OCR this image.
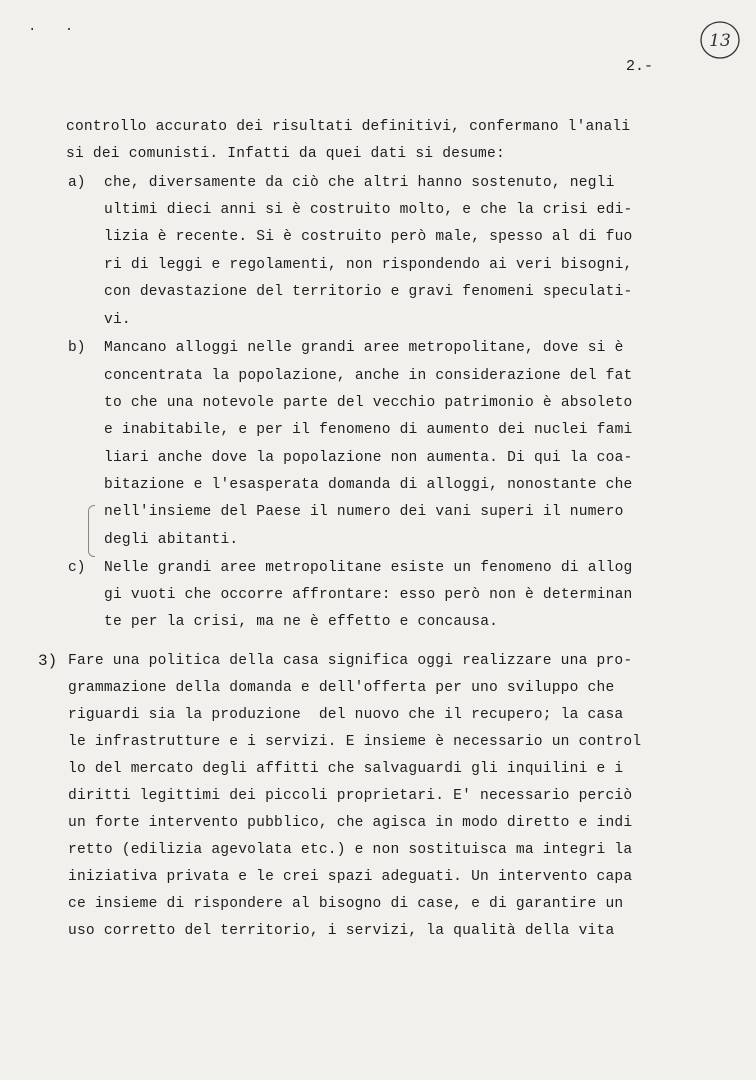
· ·
13
2.-
controllo accurato dei risultati definitivi, confermano l'anali
si dei comunisti. Infatti da quei dati si desume:
a) che, diversamente da ciò che altri hanno sostenuto, negli
ultimi dieci anni si è costruito molto, e che la crisi edi-
lizia è recente. Si è costruito però male, spesso al di fuo
ri di leggi e regolamenti, non rispondendo ai veri bisogni,
con devastazione del territorio e gravi fenomeni speculati-
vi.
b) Mancano alloggi nelle grandi aree metropolitane, dove si è
concentrata la popolazione, anche in considerazione del fat
to che una notevole parte del vecchio patrimonio è absoleto
e inabitabile, e per il fenomeno di aumento dei nuclei fami
liari anche dove la popolazione non aumenta. Di qui la coa-
bitazione e l'esasperata domanda di alloggi, nonostante che
nell'insieme del Paese il numero dei vani superi il numero
degli abitanti.
c) Nelle grandi aree metropolitane esiste un fenomeno di allog
gi vuoti che occorre affrontare: esso però non è determinan
te per la crisi, ma ne è effetto e concausa.
3) Fare una politica della casa significa oggi realizzare una pro-
grammazione della domanda e dell'offerta per uno sviluppo che
riguardi sia la produzione  del nuovo che il recupero; la casa
le infrastrutture e i servizi. E insieme è necessario un control
lo del mercato degli affitti che salvaguardi gli inquilini e i
diritti legittimi dei piccoli proprietari. E' necessario perciò
un forte intervento pubblico, che agisca in modo diretto e indi
retto (edilizia agevolata etc.) e non sostituisca ma integri la
iniziativa privata e le crei spazi adeguati. Un intervento capa
ce insieme di rispondere al bisogno di case, e di garantire un
uso corretto del territorio, i servizi, la qualità della vita
